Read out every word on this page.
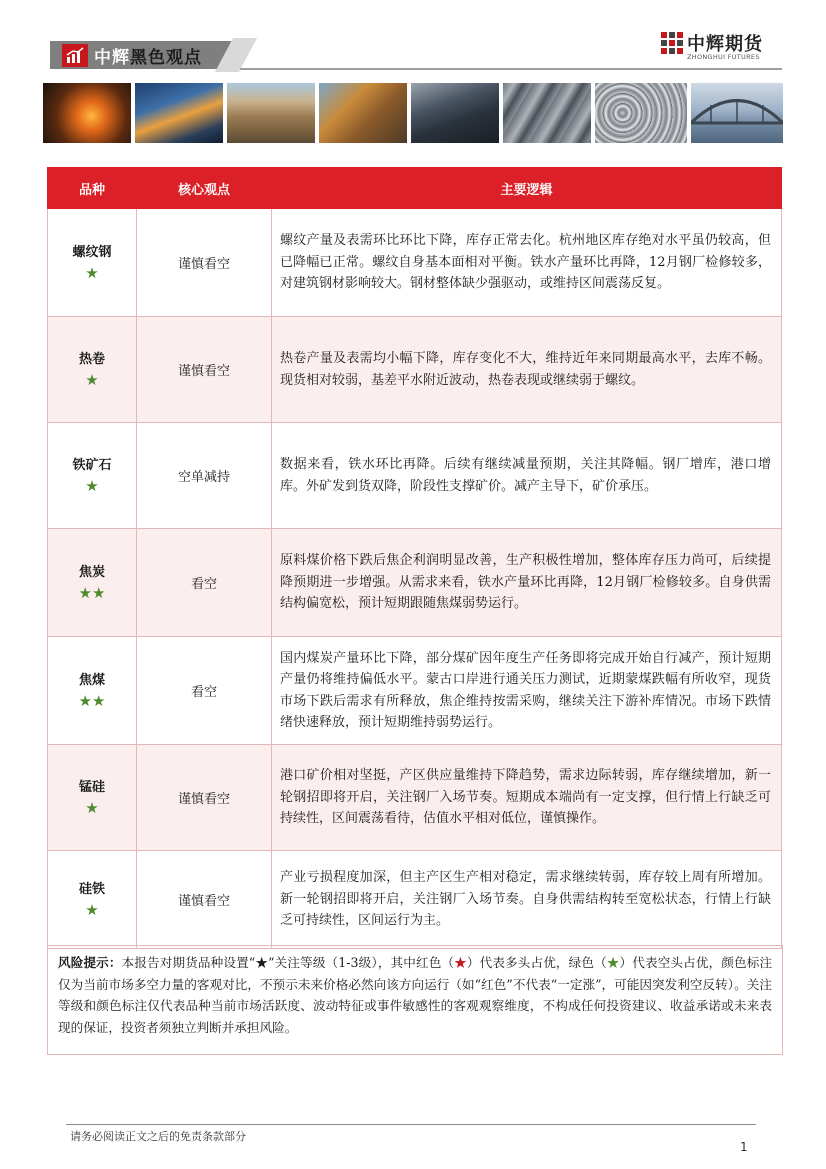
中辉黑色观点
中辉期货
ZHONGHUI FUTURES
品种	核心观点	主要逻辑

螺纹钢
★	谨慎看空	螺纹产量及表需环比环比下降，库存正常去化。杭州地区库存绝对水平虽仍较高，但已降幅已正常。螺纹自身基本面相对平衡。铁水产量环比再降，12月钢厂检修较多，对建筑钢材影响较大。钢材整体缺少强驱动，或维持区间震荡反复。

热卷
★	谨慎看空	热卷产量及表需均小幅下降，库存变化不大，维持近年来同期最高水平，去库不畅。现货相对较弱，基差平水附近波动，热卷表现或继续弱于螺纹。

铁矿石
★	空单减持	数据来看，铁水环比再降。后续有继续减量预期，关注其降幅。钢厂增库，港口增库。外矿发到货双降，阶段性支撑矿价。减产主导下，矿价承压。

焦炭
★★	看空	原料煤价格下跌后焦企利润明显改善，生产积极性增加，整体库存压力尚可，后续提降预期进一步增强。从需求来看，铁水产量环比再降，12月钢厂检修较多。自身供需结构偏宽松，预计短期跟随焦煤弱势运行。

焦煤
★★	看空	国内煤炭产量环比下降，部分煤矿因年度生产任务即将完成开始自行减产，预计短期产量仍将维持偏低水平。蒙古口岸进行通关压力测试，近期蒙煤跌幅有所收窄，现货市场下跌后需求有所释放，焦企维持按需采购，继续关注下游补库情况。市场下跌情绪快速释放，预计短期维持弱势运行。

锰硅
★	谨慎看空	港口矿价相对坚挺，产区供应量维持下降趋势，需求边际转弱，库存继续增加，新一轮钢招即将开启，关注钢厂入场节奏。短期成本端尚有一定支撑，但行情上行缺乏可持续性，区间震荡看待，估值水平相对低位，谨慎操作。

硅铁
★	谨慎看空	产业亏损程度加深，但主产区生产相对稳定，需求继续转弱，库存较上周有所增加。新一轮钢招即将开启，关注钢厂入场节奏。自身供需结构转至宽松状态，行情上行缺乏可持续性，区间运行为主。
风险提示：本报告对期货品种设置“★”关注等级（1-3级），其中红色（★）代表多头占优，绿色（★）代表空头占优，颜色标注仅为当前市场多空力量的客观对比，不预示未来价格必然向该方向运行（如“红色”不代表“一定涨”，可能因突发利空反转）。关注等级和颜色标注仅代表品种当前市场活跃度、波动特征或事件敏感性的客观观察维度，不构成任何投资建议、收益承诺或未来表现的保证，投资者须独立判断并承担风险。
请务必阅读正文之后的免责条款部分
1
